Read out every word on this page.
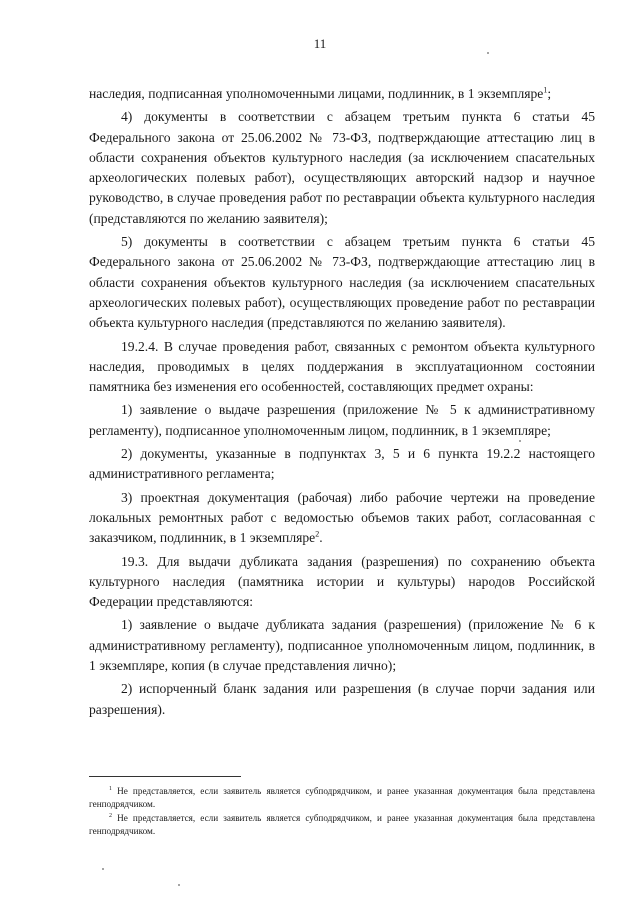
11

наследия, подписанная уполномоченными лицами, подлинник, в 1 экземпляре$^1$;

4) документы в соответствии с абзацем третьим пункта 6 статьи 45 Федерального закона от 25.06.2002 № 73-ФЗ, подтверждающие аттестацию лиц в области сохранения объектов культурного наследия (за исключением спасательных археологических полевых работ), осуществляющих авторский надзор и научное руководство, в случае проведения работ по реставрации объекта культурного наследия (представляются по желанию заявителя);

5) документы в соответствии с абзацем третьим пункта 6 статьи 45 Федерального закона от 25.06.2002 № 73-ФЗ, подтверждающие аттестацию лиц в области сохранения объектов культурного наследия (за исключением спасательных археологических полевых работ), осуществляющих проведение работ по реставрации объекта культурного наследия (представляются по желанию заявителя).

19.2.4. В случае проведения работ, связанных с ремонтом объекта культурного наследия, проводимых в целях поддержания в эксплуатационном состоянии памятника без изменения его особенностей, составляющих предмет охраны:

1) заявление о выдаче разрешения (приложение № 5 к административному регламенту), подписанное уполномоченным лицом, подлинник, в 1 экземпляре;

2) документы, указанные в подпунктах 3, 5 и 6 пункта 19.2.2 настоящего административного регламента;

3) проектная документация (рабочая) либо рабочие чертежи на проведение локальных ремонтных работ с ведомостью объемов таких работ, согласованная с заказчиком, подлинник, в 1 экземпляре$^2$.

19.3. Для выдачи дубликата задания (разрешения) по сохранению объекта культурного наследия (памятника истории и культуры) народов Российской Федерации представляются:

1) заявление о выдаче дубликата задания (разрешения) (приложение № 6 к административному регламенту), подписанное уполномоченным лицом, подлинник, в 1 экземпляре, копия (в случае представления лично);

2) испорченный бланк задания или разрешения (в случае порчи задания или разрешения).

$^1$ Не представляется, если заявитель является субподрядчиком, и ранее указанная документация была представлена генподрядчиком.

$^2$ Не представляется, если заявитель является субподрядчиком, и ранее указанная документация была представлена генподрядчиком.
